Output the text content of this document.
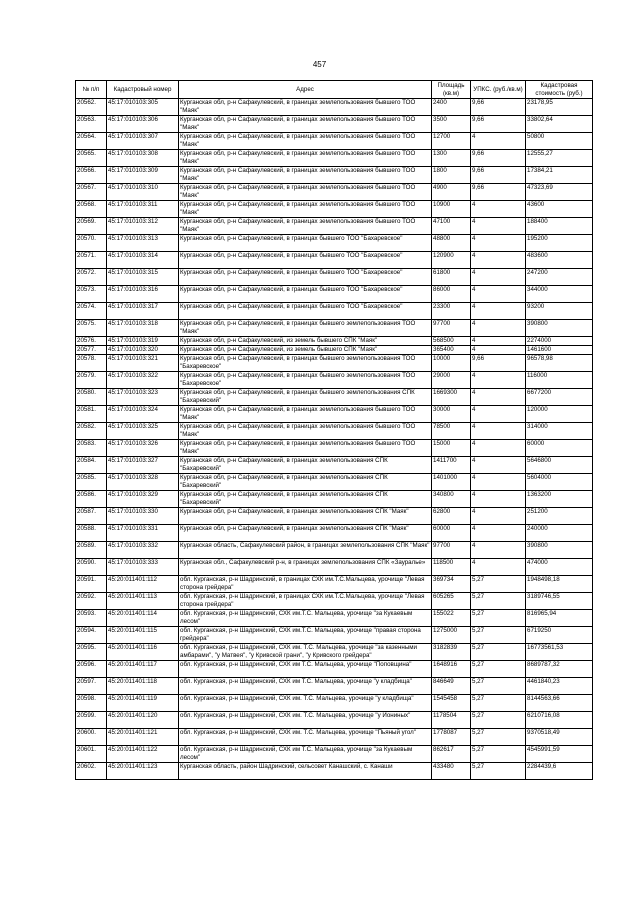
457
№ п/п	Кадастровый номер	Адрес	Площадь (кв.м)	УПКС. (руб./кв.м)	Кадастровая стоимость (руб.)
20562.	45:17:010103:305	Курганская обл, р-н Сафакулевский, в границах землепользования бывшего ТОО "Маяк"	2400	9,66	23178,95
20563.	45:17:010103:306	Курганская обл, р-н Сафакулевский, в границах землепользования бывшего ТОО "Маяк"	3500	9,66	33802,64
20564.	45:17:010103:307	Курганская обл, р-н Сафакулевский, в границах землепользования бывшего ТОО "Маяк"	12700	4	50800
20565.	45:17:010103:308	Курганская обл, р-н Сафакулевский, в границах землепользования бывшего ТОО "Маяк"	1300	9,66	12555,27
20566.	45:17:010103:309	Курганская обл, р-н Сафакулевский, в границах землепользования бывшего ТОО "Маяк"	1800	9,66	17384,21
20567.	45:17:010103:310	Курганская обл, р-н Сафакулевский, в границах землепользования бывшего ТОО "Маяк"	4900	9,66	47323,69
20568.	45:17:010103:311	Курганская обл, р-н Сафакулевский, в границах землепользования бывшего ТОО "Маяк"	10900	4	43600
20569.	45:17:010103:312	Курганская обл, р-н Сафакулевский, в границах землепользования бывшего ТОО "Маяк"	47100	4	188400
20570.	45:17:010103:313	Курганская обл, р-н Сафакулевский, в границах бывшего ТОО "Бахаревское"	48800	4	195200
20571.	45:17:010103:314	Курганская обл, р-н Сафакулевский, в границах бывшего ТОО "Бахаревское"	120900	4	483600
20572.	45:17:010103:315	Курганская обл, р-н Сафакулевский, в границах бывшего ТОО "Бахаревское"	61800	4	247200
20573.	45:17:010103:316	Курганская обл, р-н Сафакулевский, в границах бывшего ТОО "Бахаревское"	86000	4	344000
20574.	45:17:010103:317	Курганская обл, р-н Сафакулевский, в границах бывшего ТОО "Бахаревское"	23300	4	93200
20575.	45:17:010103:318	Курганская обл, р-н Сафакулевский, в границах бывшего землепользования ТОО "Маяк"	97700	4	390800
20576.	45:17:010103:319	Курганская обл, р-н Сафакулевский, из земель бывшего СПК "Маяк"	568500	4	2274000
20577.	45:17:010103:320	Курганская обл, р-н Сафакулевский, из земель бывшего СПК "Маяк"	365400	4	1461600
20578.	45:17:010103:321	Курганская обл, р-н Сафакулевский, в границах бывшего землепользования ТОО "Бахаревское"	10000	9,66	96578,98
20579.	45:17:010103:322	Курганская обл, р-н Сафакулевский, в границах бывшего землепользования ТОО "Бахаревское"	29000	4	116000
20580.	45:17:010103:323	Курганская обл, р-н Сафакулевский, в границах бывшего землепользования СПК "Бахаревский"	1669300	4	6677200
20581.	45:17:010103:324	Курганская обл, р-н Сафакулевский, в границах землепользования бывшего ТОО "Маяк"	30000	4	120000
20582.	45:17:010103:325	Курганская обл, р-н Сафакулевский, в границах землепользования бывшего ТОО "Маяк"	78500	4	314000
20583.	45:17:010103:326	Курганская обл, р-н Сафакулевский, в границах землепользования бывшего ТОО "Маяк"	15000	4	60000
20584.	45:17:010103:327	Курганская обл, р-н Сафакулевский, в границах землепользования СПК "Бахаревский"	1411700	4	5646800
20585.	45:17:010103:328	Курганская обл, р-н Сафакулевский, в границах землепользования СПК "Бахаревский"	1401000	4	5604000
20586.	45:17:010103:329	Курганская обл, р-н Сафакулевский, в границах землепользования СПК "Бахаревский"	340800	4	1363200
20587.	45:17:010103:330	Курганская обл, р-н Сафакулевский, в границах землепользования СПК "Маяк"	62800	4	251200
20588.	45:17:010103:331	Курганская обл, р-н Сафакулевский, в границах землепользования СПК "Маяк"	60000	4	240000
20589.	45:17:010103:332	Курганская область, Сафакулевский район, в границах землепользования СПК "Маяк"	97700	4	390800
20590.	45:17:010103:333	Курганская обл., Сафакулевский р-н, в границах землепользования СПК «Зауралье»	118500	4	474000
20591.	45:20:011401:112	обл. Курганская, р-н Шадринский, в границах СХК им.Т.С.Мальцева, урочище "Левая сторона грейдера"	369734	5,27	1948498,18
20592.	45:20:011401:113	обл. Курганская, р-н Шадринский, в границах СХК им.Т.С.Мальцева, урочище "Левая сторона грейдера"	605265	5,27	3189746,55
20593.	45:20:011401:114	обл. Курганская, р-н Шадринский, СХК им.Т.С. Мальцева, урочище "за Кукаевым лесом"	155022	5,27	816965,94
20594.	45:20:011401:115	обл. Курганская, р-н Шадринский, СХК им.Т.С. Мальцева, урочище "правая сторона грейдера"	1275000	5,27	6719250
20595.	45:20:011401:116	обл. Курганская, р-н Шадринский, СХК им. Т.С. Мальцева, урочище "за казенными амбарами", "у Матвея", "у Кривской грани", "у Кривского грейдера"	3182839	5,27	16773561,53
20596.	45:20:011401:117	обл. Курганская, р-н Шадринский, СХК им Т.С. Мальцева, урочище "Поповщина"	1648916	5,27	8689787,32
20597.	45:20:011401:118	обл. Курганская, р-н Шадринский, СХК им Т.С. Мальцева, урочище "у кладбища"	846649	5,27	4461840,23
20598.	45:20:011401:119	обл. Курганская, р-н Шадринский, СХК им. Т.С. Мальцева, урочище "у кладбища"	1545458	5,27	8144563,66
20599.	45:20:011401:120	обл. Курганская, р-н Шадринский, СХК им. Т.С. Мальцева, урочище "у Иониных"	1178504	5,27	6210716,08
20600.	45:20:011401:121	обл. Курганская, р-н Шадринский, СХК им. Т.С. Мальцева, урочище "Пьяный угол"	1778087	5,27	9370518,49
20601.	45:20:011401:122	обл. Курганская, р-н Шадринский, СХК им Т.С. Мальцева, урочище "за Кукаевым лесом"	862617	5,27	4545991,59
20602.	45:20:011401:123	Курганская область, район Шадринский, сельсовет Канашский, с. Канаши	433480	5,27	2284439,6
